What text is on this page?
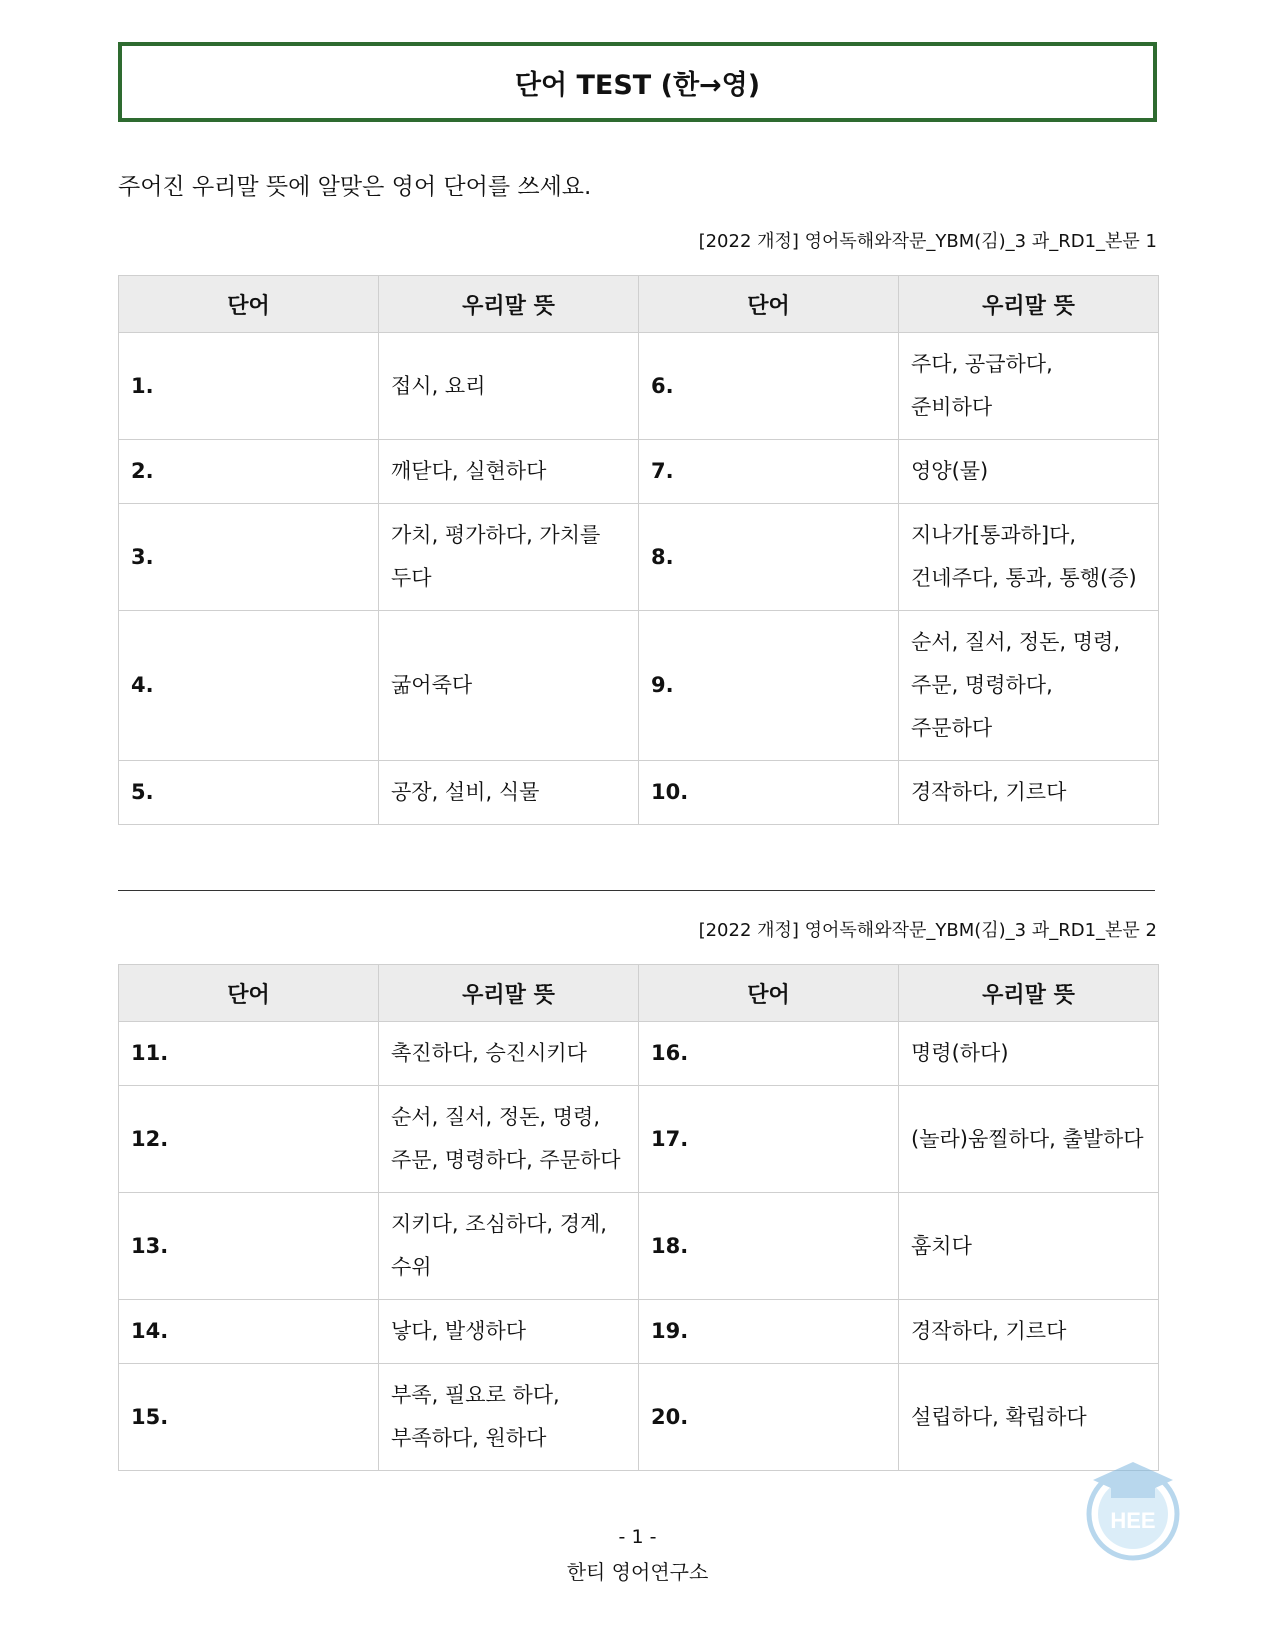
단어 TEST (한→영)
주어진 우리말 뜻에 알맞은 영어 단어를 쓰세요.
[2022 개정] 영어독해와작문_YBM(김)_3 과_RD1_본문 1
단어	우리말 뜻	단어	우리말 뜻
1.	접시, 요리	6.	주다, 공급하다,
준비하다
2.	깨닫다, 실현하다	7.	영양(물)
3.	가치, 평가하다, 가치를
두다	8.	지나가[통과하]다,
건네주다, 통과, 통행(증)
4.	굶어죽다	9.	순서, 질서, 정돈, 명령,
주문, 명령하다,
주문하다
5.	공장, 설비, 식물	10.	경작하다, 기르다
[2022 개정] 영어독해와작문_YBM(김)_3 과_RD1_본문 2
단어	우리말 뜻	단어	우리말 뜻
11.	촉진하다, 승진시키다	16.	명령(하다)
12.	순서, 질서, 정돈, 명령,
주문, 명령하다, 주문하다	17.	(놀라)움찔하다, 출발하다
13.	지키다, 조심하다, 경계,
수위	18.	훔치다
14.	낳다, 발생하다	19.	경작하다, 기르다
15.	부족, 필요로 하다,
부족하다, 원하다	20.	설립하다, 확립하다
HEE
- 1 -
한티 영어연구소
